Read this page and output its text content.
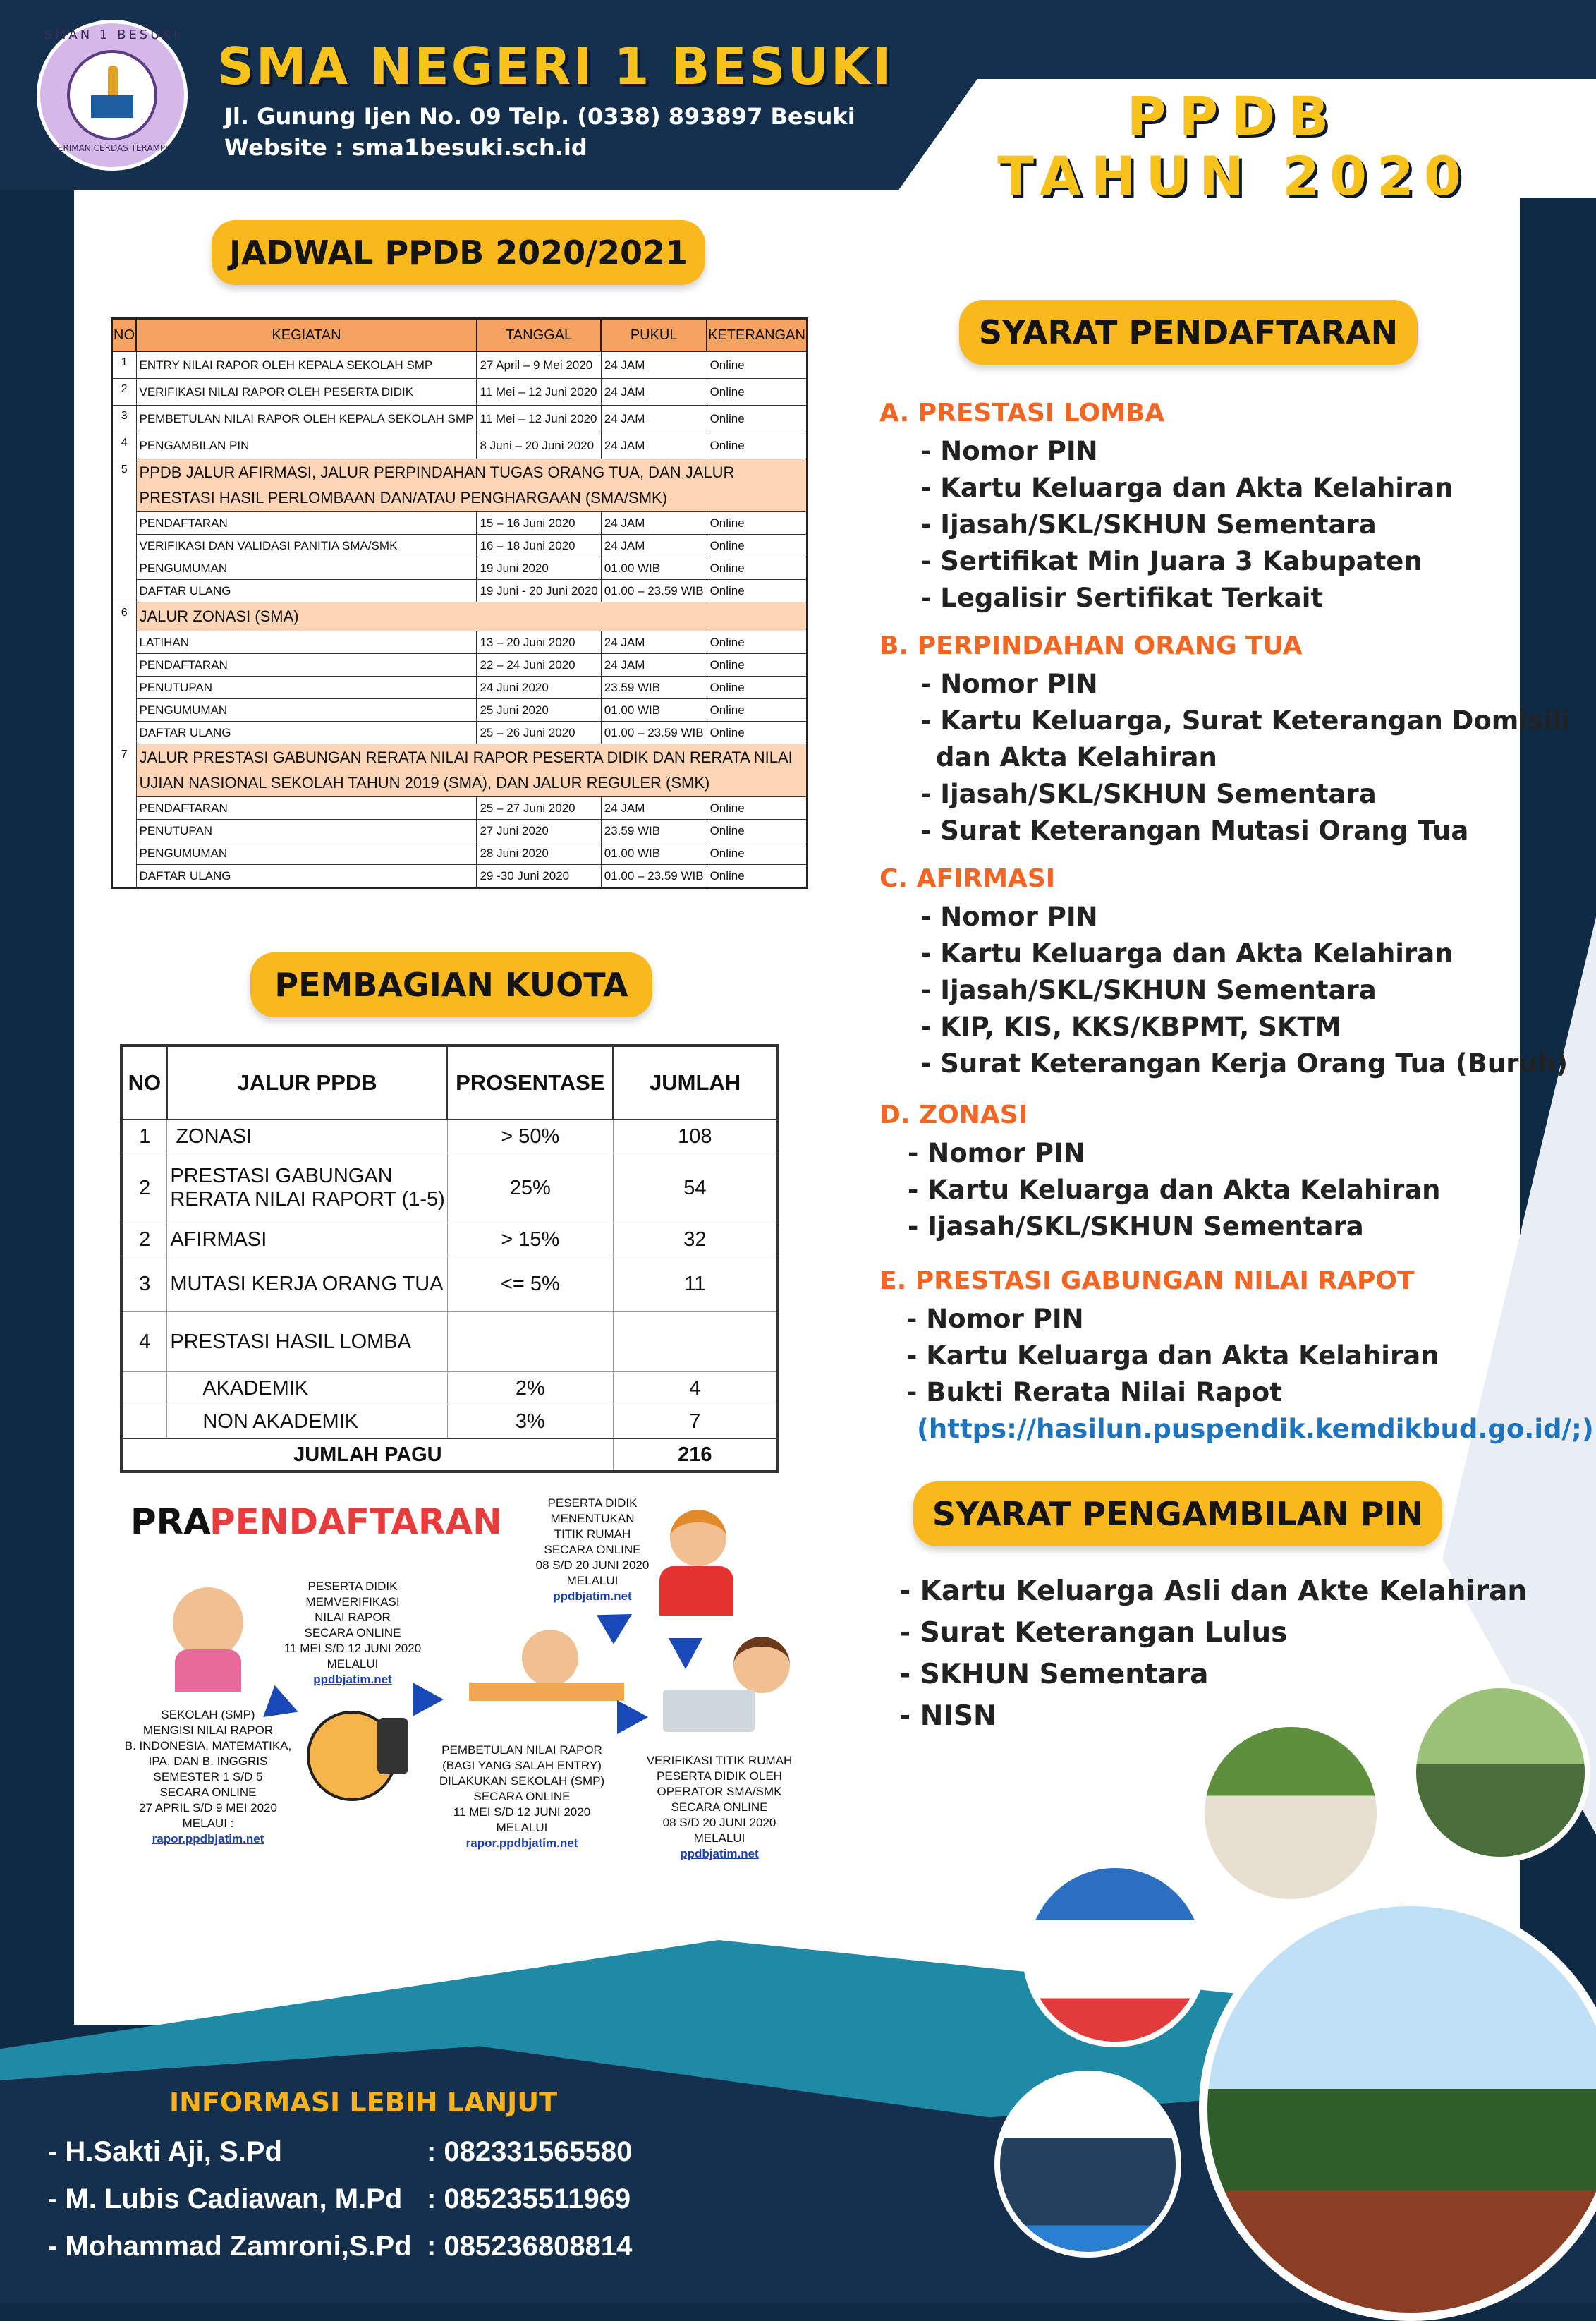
SMAN 1 BESUKI
BERIMAN CERDAS TERAMPIL
SMA NEGERI 1 BESUKI
Jl. Gunung Ijen No. 09 Telp. (0338) 893897 Besuki
Website : sma1besuki.sch.id	PPDB
TAHUN 2020
JADWAL PPDB 2020/2021
NO	KEGIATAN	TANGGAL	PUKUL	KETERANGAN
1	ENTRY NILAI RAPOR OLEH KEPALA SEKOLAH SMP	27 April – 9 Mei 2020	24 JAM	Online
2	VERIFIKASI NILAI RAPOR OLEH PESERTA DIDIK	11 Mei – 12 Juni 2020	24 JAM	Online
3	PEMBETULAN NILAI RAPOR OLEH KEPALA SEKOLAH SMP	11 Mei – 12 Juni 2020	24 JAM	Online
4	PENGAMBILAN PIN	8 Juni – 20 Juni 2020	24 JAM	Online
5	PPDB JALUR AFIRMASI, JALUR PERPINDAHAN TUGAS ORANG TUA, DAN JALUR PRESTASI HASIL PERLOMBAAN DAN/ATAU PENGHARGAAN (SMA/SMK)			
	PENDAFTARAN	15 – 16 Juni 2020	24 JAM	Online
	VERIFIKASI DAN VALIDASI PANITIA SMA/SMK	16 – 18 Juni 2020	24 JAM	Online
	PENGUMUMAN	19 Juni 2020	01.00 WIB	Online
	DAFTAR ULANG	19 Juni - 20 Juni 2020	01.00 – 23.59 WIB	Online
6	JALUR ZONASI (SMA)			
	LATIHAN	13 – 20 Juni 2020	24 JAM	Online
	PENDAFTARAN	22 – 24 Juni 2020	24 JAM	Online
	PENUTUPAN	24 Juni 2020	23.59 WIB	Online
	PENGUMUMAN	25 Juni 2020	01.00 WIB	Online
	DAFTAR ULANG	25 – 26 Juni 2020	01.00 – 23.59 WIB	Online
7	JALUR PRESTASI GABUNGAN RERATA NILAI RAPOR PESERTA DIDIK DAN RERATA NILAI UJIAN NASIONAL SEKOLAH TAHUN 2019 (SMA), DAN JALUR REGULER (SMK)			
	PENDAFTARAN	25 – 27 Juni 2020	24 JAM	Online
	PENUTUPAN	27 Juni 2020	23.59 WIB	Online
	PENGUMUMAN	28 Juni 2020	01.00 WIB	Online
	DAFTAR ULANG	29 -30 Juni 2020	01.00 – 23.59 WIB	Online
PEMBAGIAN KUOTA
NO	JALUR PPDB	PROSENTASE	JUMLAH
1	ZONASI	> 50%	108
2	PRESTASI GABUNGAN RERATA NILAI RAPORT (1-5)	25%	54
2	AFIRMASI	> 15%	32
3	MUTASI KERJA ORANG TUA	<= 5%	11
4	PRESTASI HASIL LOMBA		
	AKADEMIK	2%	4
	NON AKADEMIK	3%	7
JUMLAH PAGU			216
SYARAT PENDAFTARAN
A. PRESTASI LOMBA
- Nomor PIN
- Kartu Keluarga dan Akta Kelahiran
- Ijasah/SKL/SKHUN Sementara
- Sertifikat Min Juara 3 Kabupaten
- Legalisir Sertifikat Terkait
B. PERPINDAHAN ORANG TUA
- Nomor PIN
- Kartu Keluarga, Surat Keterangan Domisili
dan Akta Kelahiran
- Ijasah/SKL/SKHUN Sementara
- Surat Keterangan Mutasi Orang Tua
C. AFIRMASI
- Nomor PIN
- Kartu Keluarga dan Akta Kelahiran
- Ijasah/SKL/SKHUN Sementara
- KIP, KIS, KKS/KBPMT, SKTM
- Surat Keterangan Kerja Orang Tua (Buruh)
D. ZONASI
- Nomor PIN
- Kartu Keluarga dan Akta Kelahiran
- Ijasah/SKL/SKHUN Sementara
E. PRESTASI GABUNGAN NILAI RAPOT
- Nomor PIN
- Kartu Keluarga dan Akta Kelahiran
- Bukti Rerata Nilai Rapot
(https://hasilun.puspendik.kemdikbud.go.id/;)
SYARAT PENGAMBILAN PIN
- Kartu Keluarga Asli dan Akte Kelahiran
- Surat Keterangan Lulus
- SKHUN Sementara
- NISN
PRA
PENDAFTARAN
SEKOLAH (SMP)
MENGISI NILAI RAPOR
B. INDONESIA, MATEMATIKA,
IPA, DAN B. INGGRIS
SEMESTER 1 S/D 5
SECARA ONLINE
27 APRIL S/D 9 MEI 2020
MELAUI :
rapor.ppdbjatim.net
PESERTA DIDIK
MEMVERIFIKASI
NILAI RAPOR
SECARA ONLINE
11 MEI S/D 12 JUNI 2020
MELALUI
ppdbjatim.net
PEMBETULAN NILAI RAPOR
(BAGI YANG SALAH ENTRY)
DILAKUKAN SEKOLAH (SMP)
SECARA ONLINE
11 MEI S/D 12 JUNI 2020
MELALUI
rapor.ppdbjatim.net
PESERTA DIDIK
MENENTUKAN
TITIK RUMAH
SECARA ONLINE
08 S/D 20 JUNI 2020
MELALUI
ppdbjatim.net
VERIFIKASI TITIK RUMAH
PESERTA DIDIK OLEH
OPERATOR SMA/SMK
SECARA ONLINE
08 S/D 20 JUNI 2020
MELALUI
ppdbjatim.net
INFORMASI LEBIH LANJUT
- H.Sakti Aji, S.Pd	: 082331565580
- M. Lubis Cadiawan, M.Pd : 085235511969
- Mohammad Zamroni,S.Pd : 085236808814
